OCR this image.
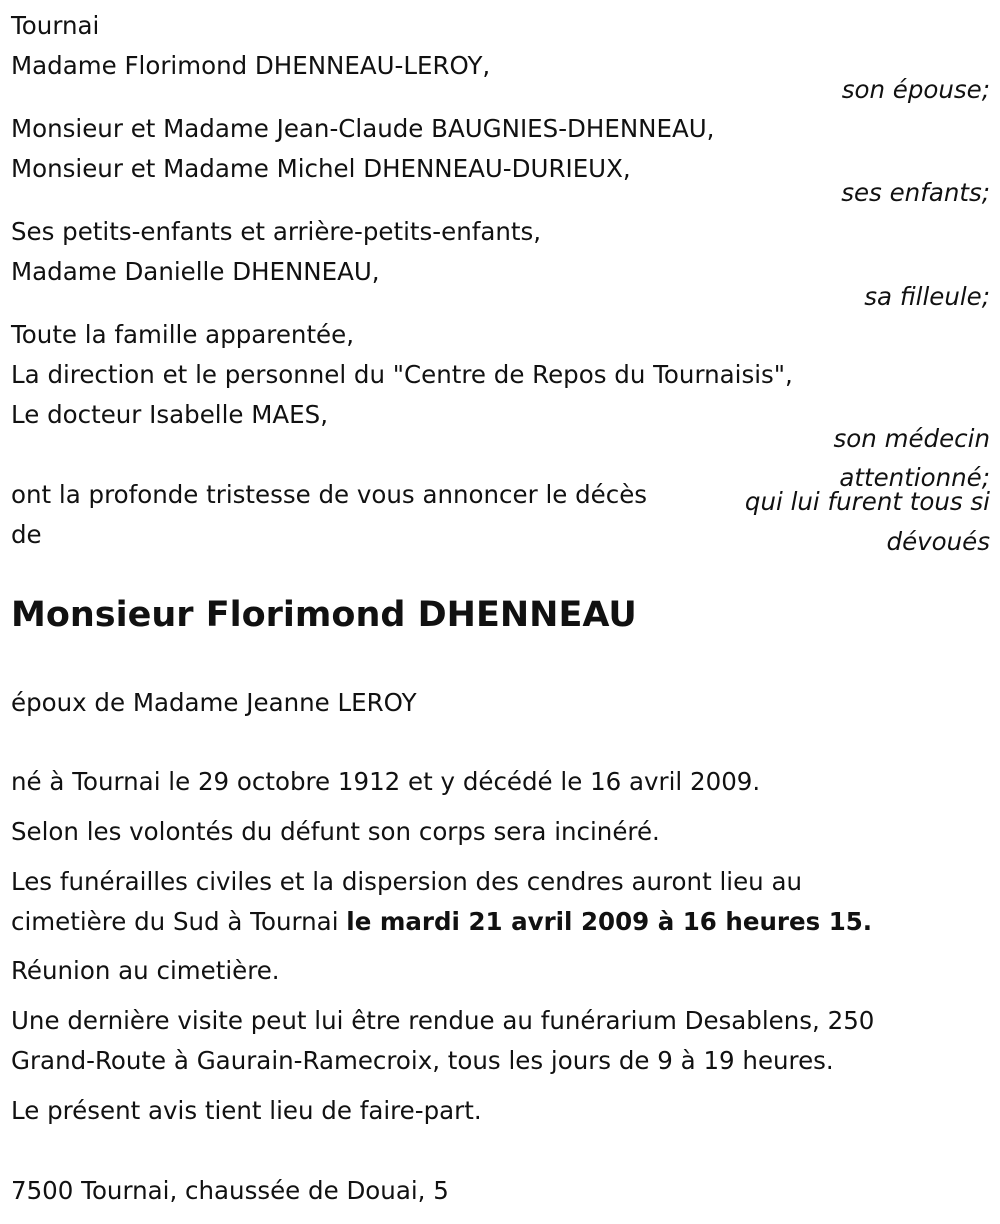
Tournai

Madame Florimond DHENNEAU-LEROY,

son épouse;

Monsieur et Madame Jean-Claude BAUGNIES-DHENNEAU,

Monsieur et Madame Michel DHENNEAU-DURIEUX,

ses enfants;

Ses petits-enfants et arrière-petits-enfants,

Madame Danielle DHENNEAU,

sa filleule;

Toute la famille apparentée,

La direction et le personnel du "Centre de Repos du Tournaisis",

Le docteur Isabelle MAES,

son médecin
attentionné;
qui lui furent tous si
dévoués

ont la profonde tristesse de vous annoncer le décès

de

Monsieur Florimond DHENNEAU

époux de Madame Jeanne LEROY

né à Tournai le 29 octobre 1912 et y décédé le 16 avril 2009.

Selon les volontés du défunt son corps sera incinéré.

Les funérailles civiles et la dispersion des cendres auront lieu au

cimetière du Sud à Tournai le mardi 21 avril 2009 à 16 heures 15.

Réunion au cimetière.

Une dernière visite peut lui être rendue au funérarium Desablens, 250

Grand-Route à Gaurain-Ramecroix, tous les jours de 9 à 19 heures.

Le présent avis tient lieu de faire-part.

7500 Tournai, chaussée de Douai, 5
